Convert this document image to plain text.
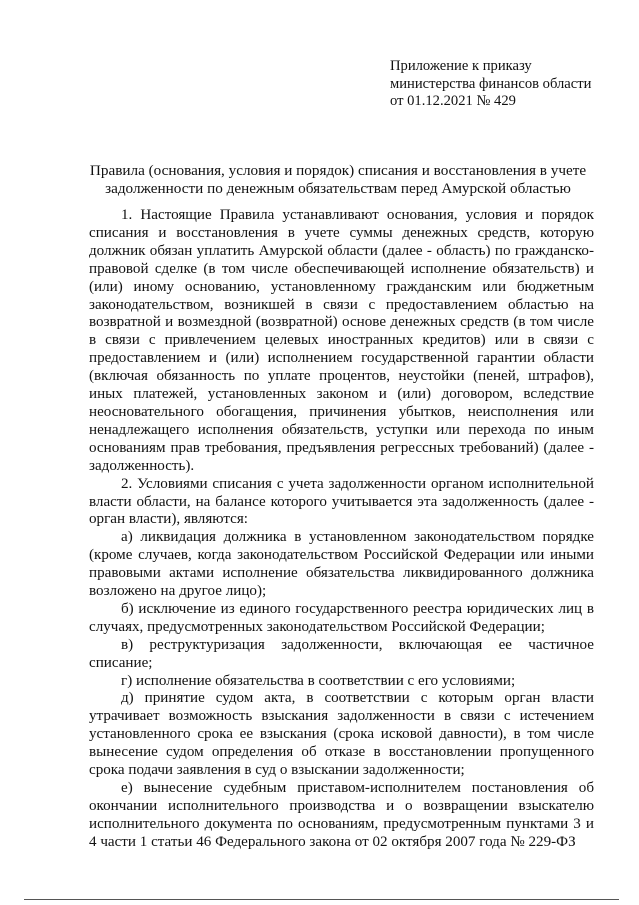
Приложение к приказу
министерства финансов области
от 01.12.2021 № 429
Правила (основания, условия и порядок) списания и восстановления в учете
задолженности по денежным обязательствам перед Амурской областью

1. Настоящие Правила устанавливают основания, условия и порядок списания и восстановления в учете суммы денежных средств, которую должник обязан уплатить Амурской области (далее - область) по гражданско-правовой сделке (в том числе обеспечивающей исполнение обязательств) и (или) иному основанию, установленному гражданским или бюджетным законодательством, возникшей в связи с предоставлением областью на возвратной и возмездной (возвратной) основе денежных средств (в том числе в связи с привлечением целевых иностранных кредитов) или в связи с предоставлением и (или) исполнением государственной гарантии области (включая обязанность по уплате процентов, неустойки (пеней, штрафов), иных платежей, установленных законом и (или) договором, вследствие неосновательного обогащения, причинения убытков, неисполнения или ненадлежащего исполнения обязательств, уступки или перехода по иным основаниям прав требования, предъявления регрессных требований) (далее - задолженность).

2. Условиями списания с учета задолженности органом исполнительной власти области, на балансе которого учитывается эта задолженность (далее - орган власти), являются:

а) ликвидация должника в установленном законодательством порядке (кроме случаев, когда законодательством Российской Федерации или иными правовыми актами исполнение обязательства ликвидированного должника возложено на другое лицо);

б) исключение из единого государственного реестра юридических лиц в случаях, предусмотренных законодательством Российской Федерации;

в) реструктуризация задолженности, включающая ее частичное списание;

г) исполнение обязательства в соответствии с его условиями;

д) принятие судом акта, в соответствии с которым орган власти утрачивает возможность взыскания задолженности в связи с истечением установленного срока ее взыскания (срока исковой давности), в том числе вынесение судом определения об отказе в восстановлении пропущенного срока подачи заявления в суд о взыскании задолженности;

е) вынесение судебным приставом-исполнителем постановления об окончании исполнительного производства и о возвращении взыскателю исполнительного документа по основаниям, предусмотренным пунктами 3 и 4 части 1 статьи 46 Федерального закона от 02 октября 2007 года № 229-ФЗ
